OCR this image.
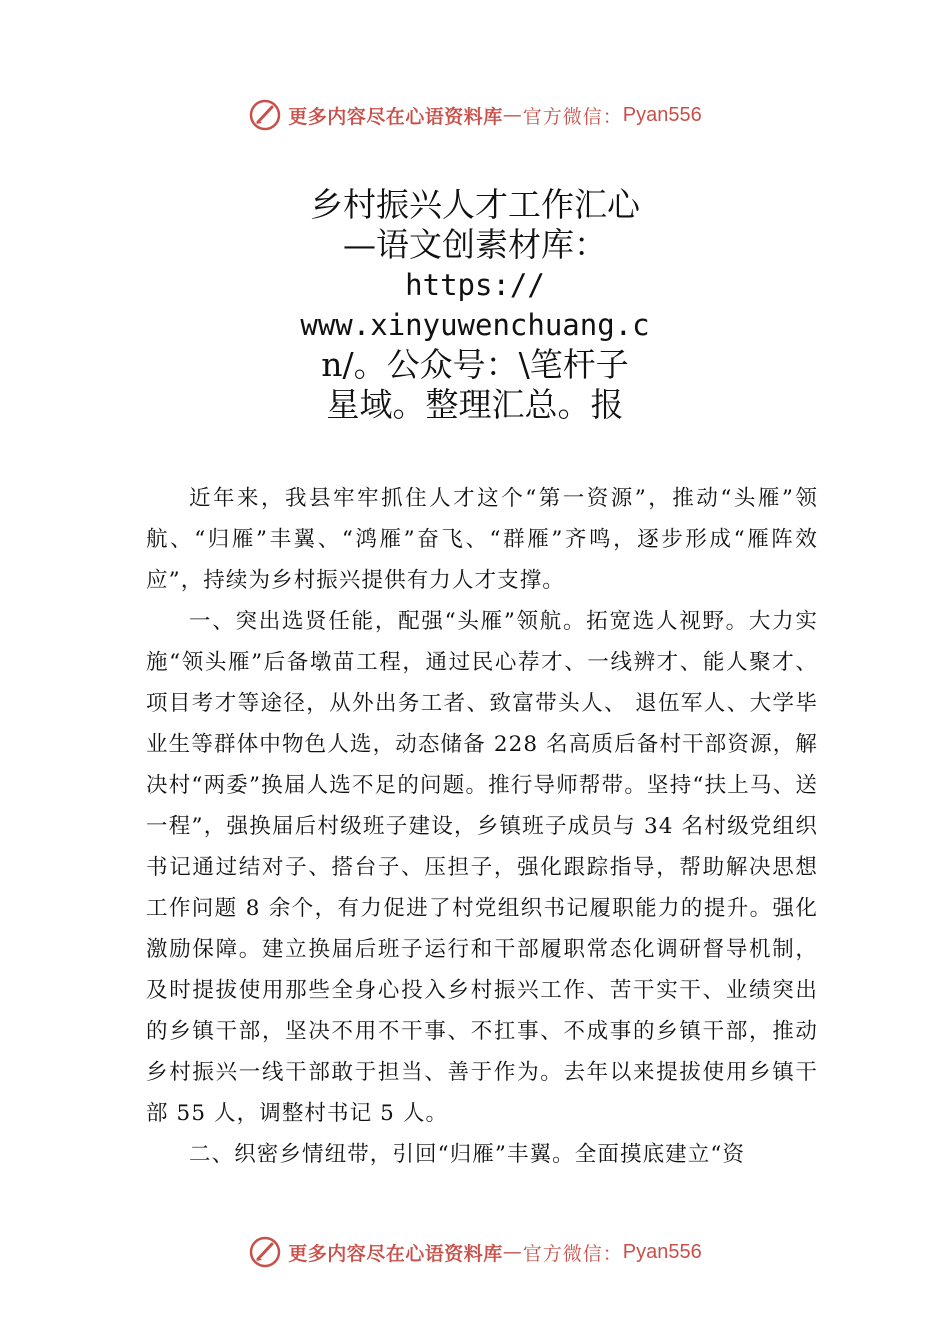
更多内容尽在心语资料库 — 官方微信： Pyan556
乡村振兴人才工作汇心
—语文创素材库：
https://
www.xinyuwenchuang.c
n/。公众号：\笔杆子
星域。整理汇总。报

近年来，我县牢牢抓住人才这个“第一资源”，推动“头雁”领航、“归雁”丰翼、“鸿雁”奋飞、“群雁”齐鸣，逐步形成“雁阵效应”，持续为乡村振兴提供有力人才支撑。

一、突出选贤任能，配强“头雁”领航。拓宽选人视野。大力实施“领头雁”后备墩苗工程，通过民心荐才、一线辨才、能人聚才、项目考才等途径，从外出务工者、致富带头人、 退伍军人、大学毕业生等群体中物色人选，动态储备 228 名高质后备村干部资源，解决村“两委”换届人选不足的问题。推行导师帮带。坚持“扶上马、送一程”，强换届后村级班子建设，乡镇班子成员与 34 名村级党组织书记通过结对子、搭台子、压担子，强化跟踪指导，帮助解决思想工作问题 8 余个，有力促进了村党组织书记履职能力的提升。强化激励保障。建立换届后班子运行和干部履职常态化调研督导机制， 及时提拔使用那些全身心投入乡村振兴工作、苦干实干、业绩突出的乡镇干部，坚决不用不干事、不扛事、不成事的乡镇干部，推动乡村振兴一线干部敢于担当、善于作为。去年以来提拔使用乡镇干部 55 人，调整村书记 5 人。

二、织密乡情纽带，引回“归雁”丰翼。全面摸底建立“资

更多内容尽在心语资料库 — 官方微信： Pyan556
